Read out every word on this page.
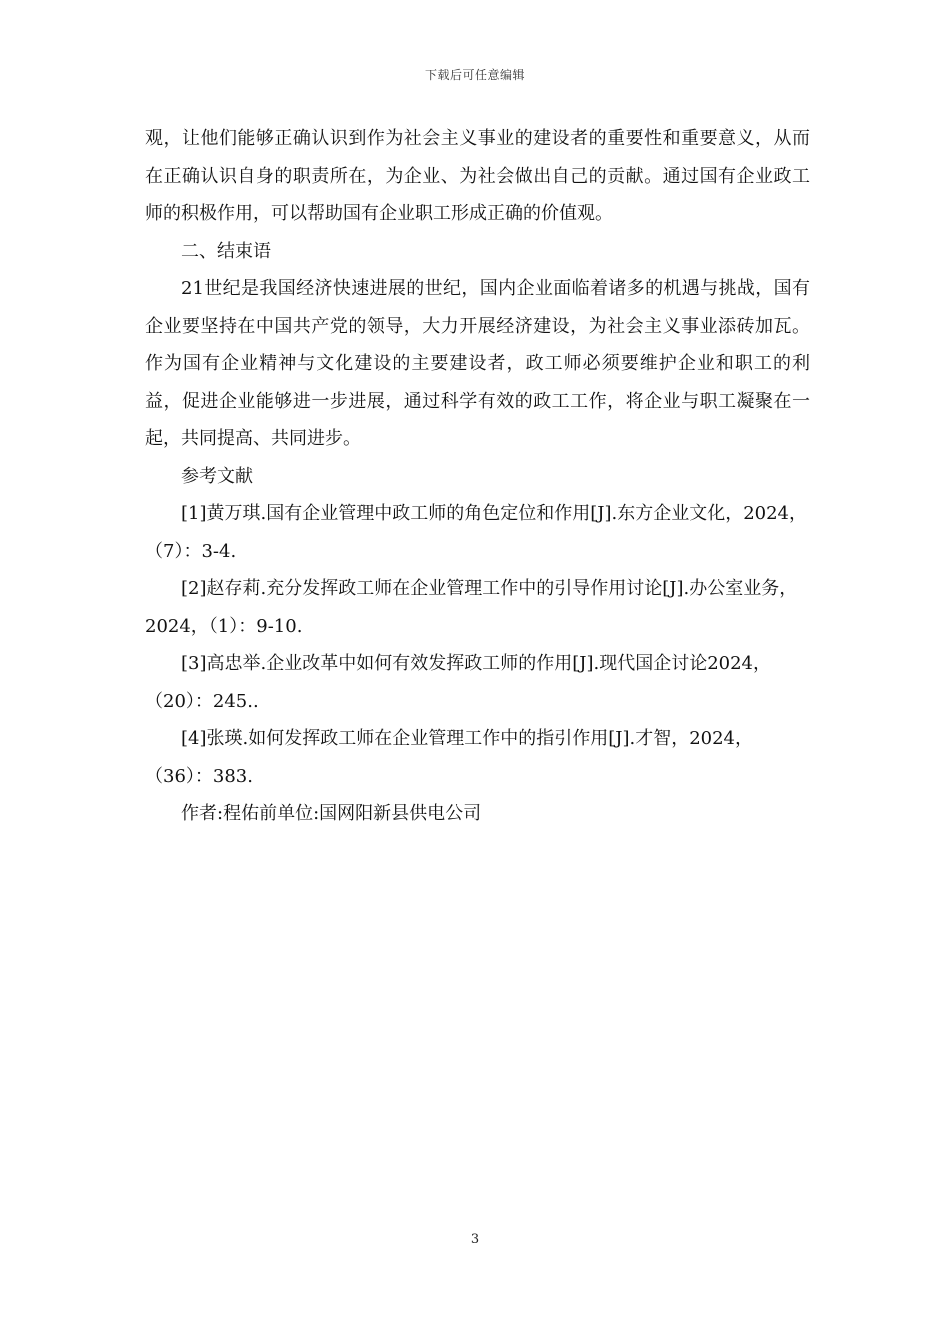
下载后可任意编辑

观，让他们能够正确认识到作为社会主义事业的建设者的重要性和重要意义，从而在正确认识自身的职责所在，为企业、为社会做出自己的贡献。通过国有企业政工师的积极作用，可以帮助国有企业职工形成正确的价值观。

二、结束语

21世纪是我国经济快速进展的世纪，国内企业面临着诸多的机遇与挑战，国有企业要坚持在中国共产党的领导，大力开展经济建设，为社会主义事业添砖加瓦。作为国有企业精神与文化建设的主要建设者，政工师必须要维护企业和职工的利益，促进企业能够进一步进展，通过科学有效的政工工作，将企业与职工凝聚在一起，共同提高、共同进步。

参考文献

[1]黄万琪.国有企业管理中政工师的角色定位和作用[J].东方企业文化，2024，（7）：3-4.

[2]赵存莉.充分发挥政工师在企业管理工作中的引导作用讨论[J].办公室业务，2024，（1）：9-10.

[3]高忠举.企业改革中如何有效发挥政工师的作用[J].现代国企讨论2024，（20）：245..

[4]张瑛.如何发挥政工师在企业管理工作中的指引作用[J].才智，2024，（36）：383.

作者:程佑前单位:国网阳新县供电公司

3
